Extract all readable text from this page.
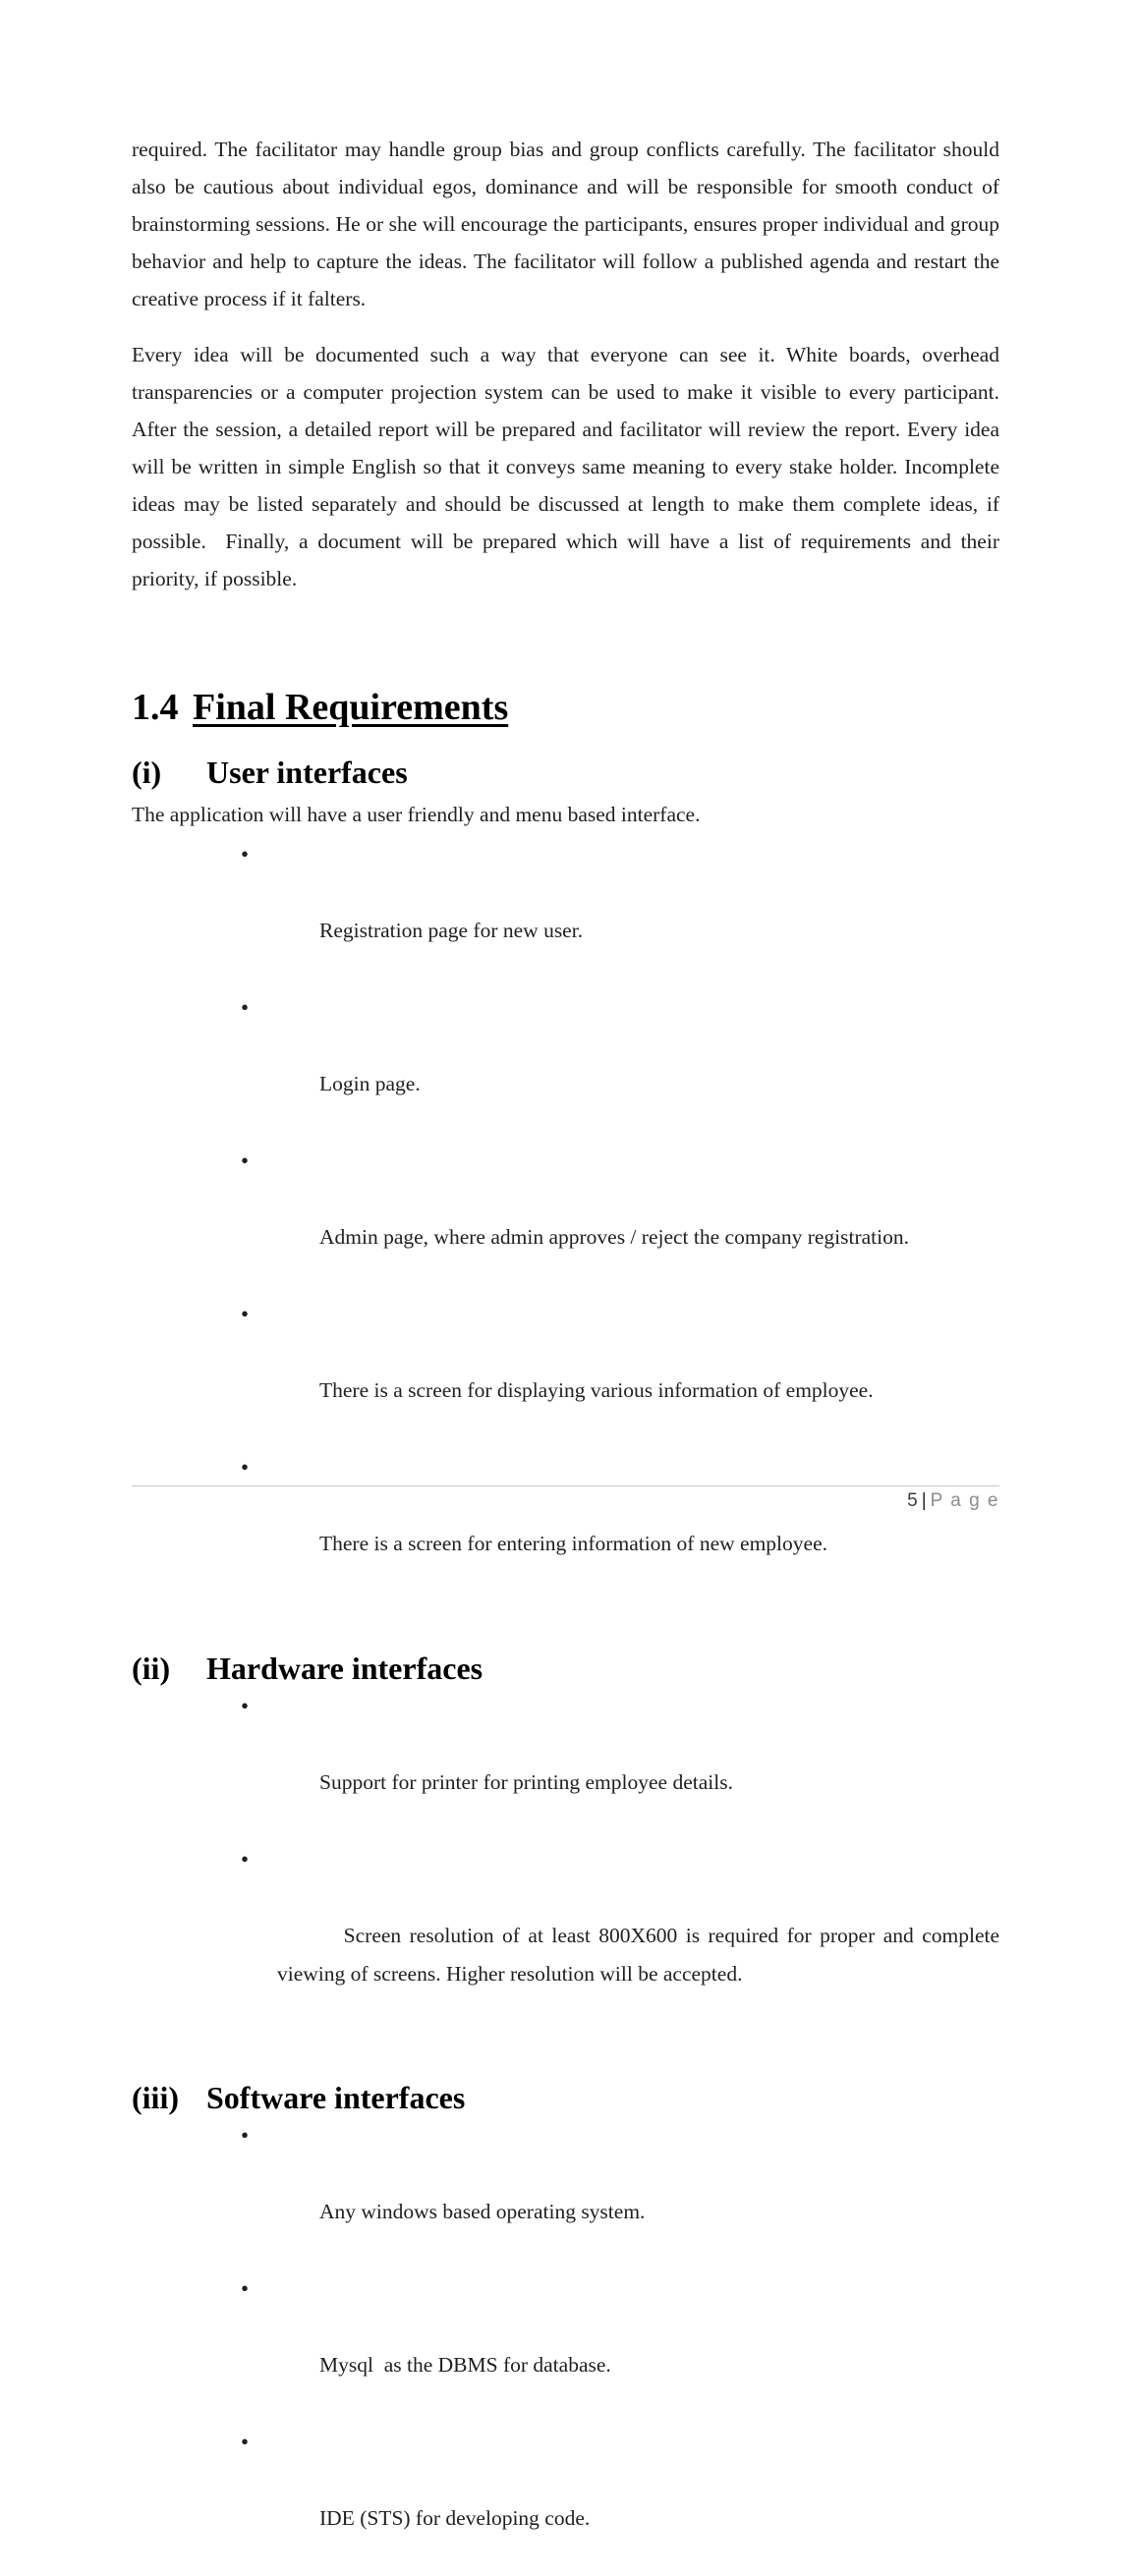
required. The facilitator may handle group bias and group conflicts carefully. The facilitator should also be cautious about individual egos, dominance and will be responsible for smooth conduct of brainstorming sessions. He or she will encourage the participants, ensures proper individual and group behavior and help to capture the ideas. The facilitator will follow a published agenda and restart the creative process if it falters.

Every idea will be documented such a way that everyone can see it. White boards, overhead transparencies or a computer projection system can be used to make it visible to every participant. After the session, a detailed report will be prepared and facilitator will review the report. Every idea will be written in simple English so that it conveys same meaning to every stake holder. Incomplete ideas may be listed separately and should be discussed at length to make them complete ideas, if possible.  Finally, a document will be prepared which will have a list of requirements and their priority, if possible.

1.4 Final Requirements
(i)	User interfaces

The application will have a user friendly and menu based interface.

•

Registration page for new user.

•

Login page.

•

Admin page, where admin approves / reject the company registration.

•

There is a screen for displaying various information of employee.

•

There is a screen for entering information of new employee.

(ii)	Hardware interfaces

•

Support for printer for printing employee details.

•

Screen resolution of at least 800X600 is required for proper and complete viewing of screens. Higher resolution will be accepted.

(iii) Software interfaces

•

Any windows based operating system.

•

Mysql  as the DBMS for database.

•

IDE (STS) for developing code.

5 | P a g e
